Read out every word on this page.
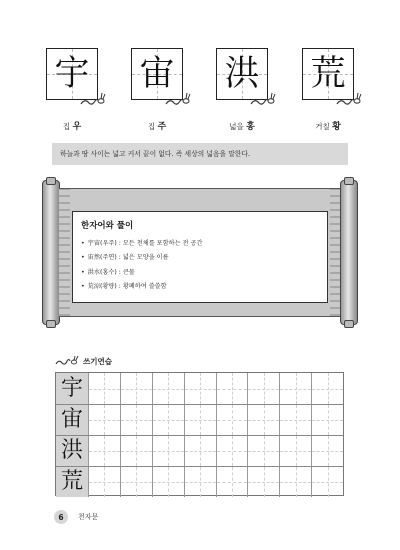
宇 宙 洪 荒
집 우	집 주	넓을 홍	거칠 황
하늘과 땅 사이는 넓고 커서 끝이 없다. 즉 세상의 넓음을 말한다.
한자어와 풀이
• 宇宙(우주) : 모든 천체를 포함하는 전 공간
• 宙然(주연) : 넓은 모양을 이름
• 洪水(홍수) : 큰물
• 荒涼(황량) : 황폐하여 쓸쓸함
쓰기연습
宇
宙
洪
荒
6	천자문
